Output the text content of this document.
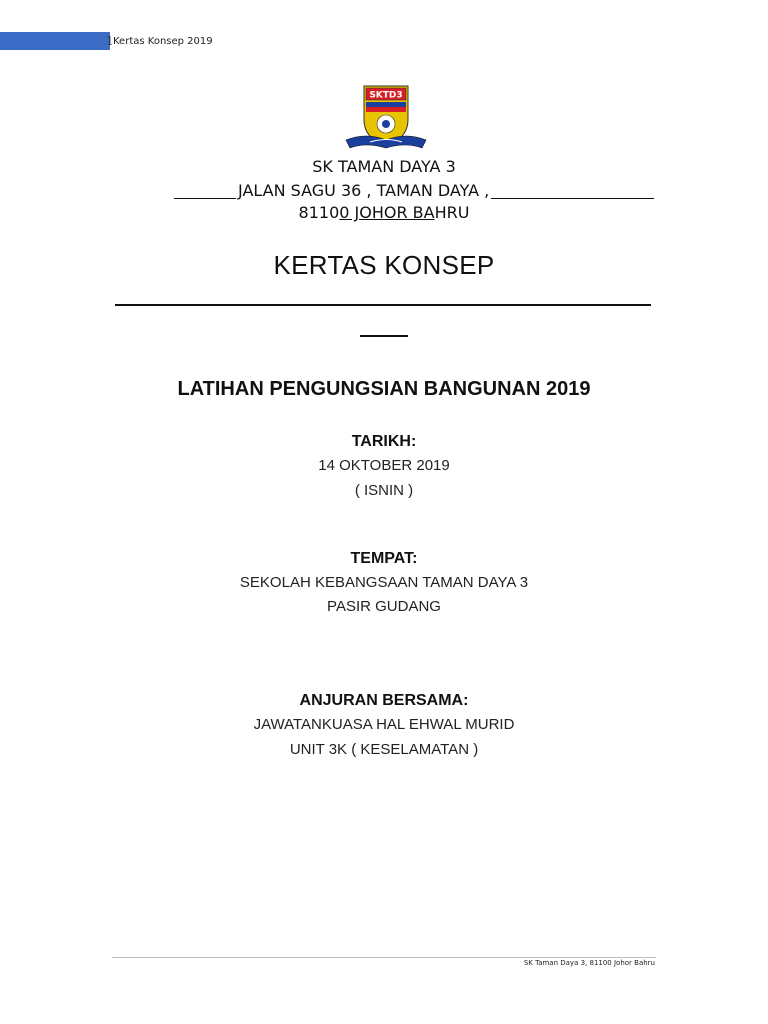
1 Kertas Konsep 2019
SKTD3
SK TAMAN DAYA 3
JALAN SAGU 36 , TAMAN DAYA ,
81100 JOHOR BAHRU
KERTAS KONSEP
LATIHAN PENGUNGSIAN BANGUNAN 2019
TARIKH:
14 OKTOBER 2019
( ISNIN )
TEMPAT:
SEKOLAH KEBANGSAAN TAMAN DAYA 3
PASIR GUDANG
ANJURAN BERSAMA:
JAWATANKUASA HAL EHWAL MURID
UNIT 3K ( KESELAMATAN )
SK Taman Daya 3, 81100 Johor Bahru
